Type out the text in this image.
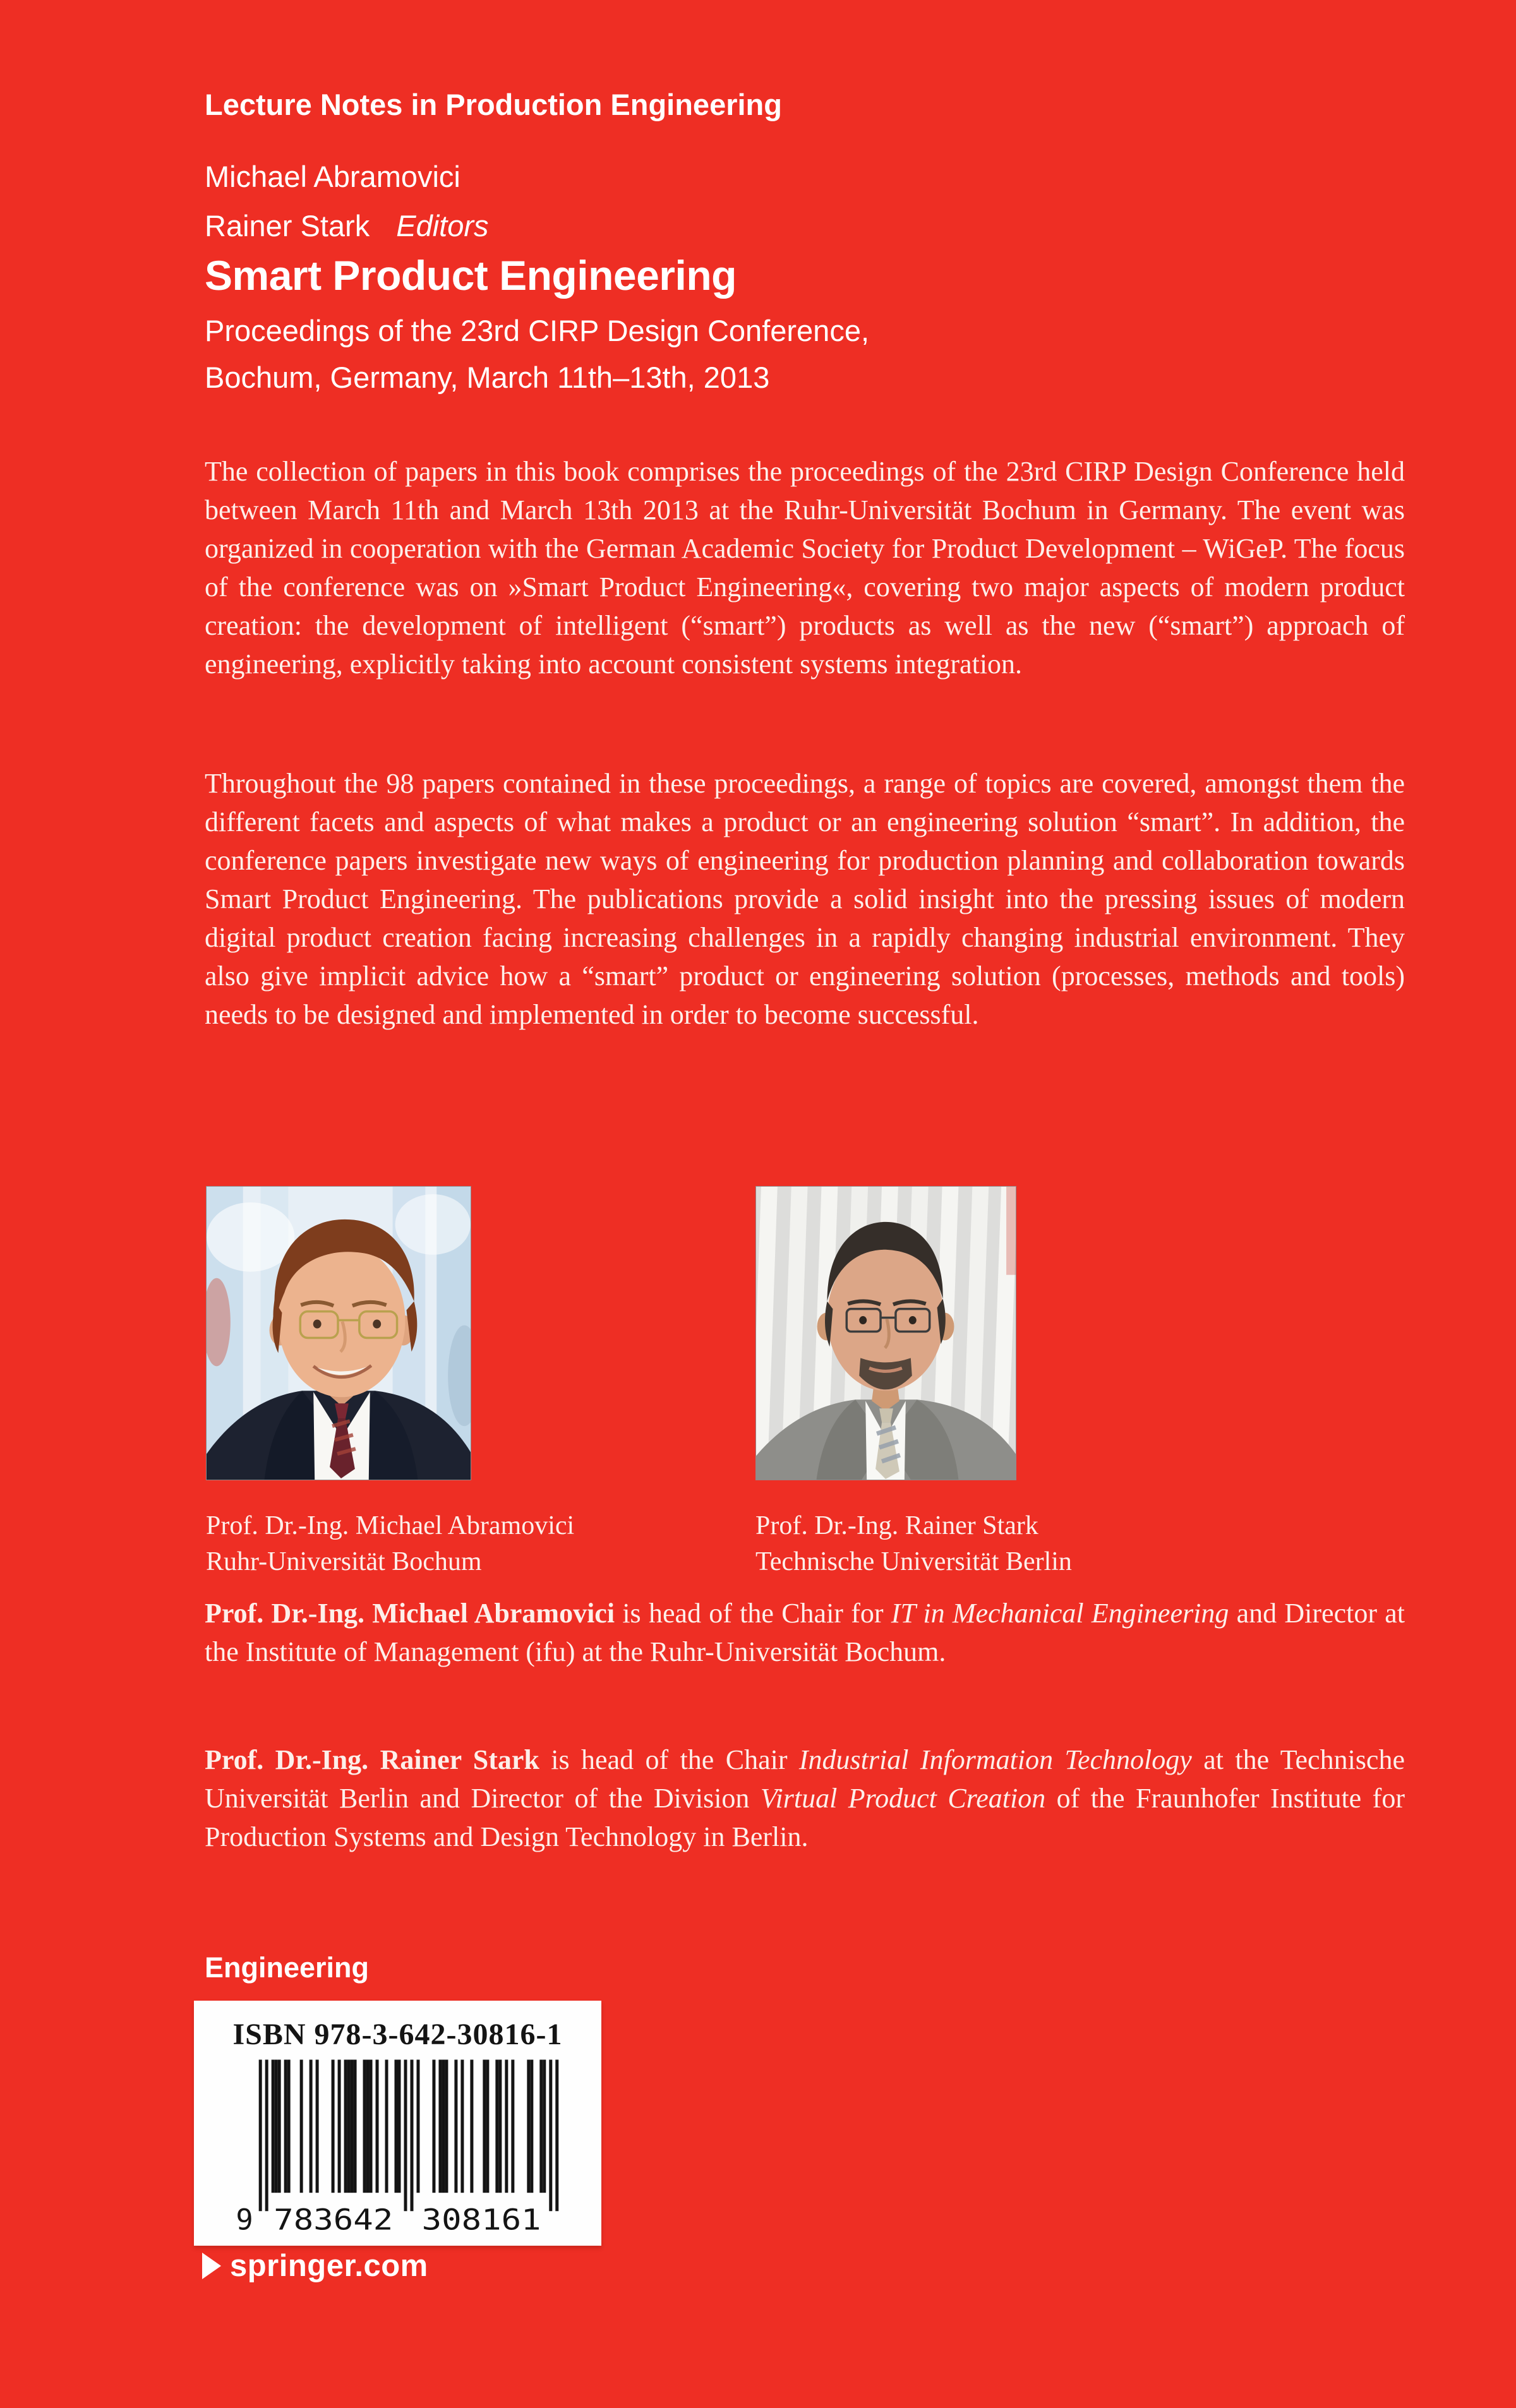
Lecture Notes in Production Engineering
Michael Abramovici
Rainer Stark Editors
Smart Product Engineering
Proceedings of the 23rd CIRP Design Conference,
Bochum, Germany, March 11th–13th, 2013
The collection of papers in this book comprises the proceedings of the 23rd CIRP Design Conference held between March 11th and March 13th 2013 at the Ruhr-Universität Bochum in Germany. The event was organized in cooperation with the German Academic Society for Product Development – WiGeP. The focus of the conference was on »Smart Product Engineering«, covering two major aspects of modern product creation: the development of intelligent (“smart”) products as well as the new (“smart”) approach of engineering, explicitly taking into account consistent systems integration.
Throughout the 98 papers contained in these proceedings, a range of topics are covered, amongst them the different facets and aspects of what makes a product or an engineering solution “smart”. In addition, the conference papers investigate new ways of engineering for production planning and collaboration towards Smart Product Engineering. The publications provide a solid insight into the pressing issues of modern digital product creation facing increasing challenges in a rapidly changing industrial environment. They also give implicit advice how a “smart” product or engineering solution (processes, methods and tools) needs to be designed and implemented in order to become successful.
Prof. Dr.-Ing. Michael Abramovici
Ruhr-Universität Bochum
Prof. Dr.-Ing. Rainer Stark
Technische Universität Berlin
Prof. Dr.-Ing. Michael Abramovici is head of the Chair for IT in Mechanical Engineering and Director at the Institute of Management (ifu) at the Ruhr-Universität Bochum.
Prof. Dr.-Ing. Rainer Stark is head of the Chair Industrial Information Technology at the Technische Universität Berlin and Director of the Division Virtual Product Creation of the Fraunhofer Institute for Production Systems and Design Technology in Berlin.
Engineering
ISBN 978-3-642-30816-1
9 783642 308161
springer.com
